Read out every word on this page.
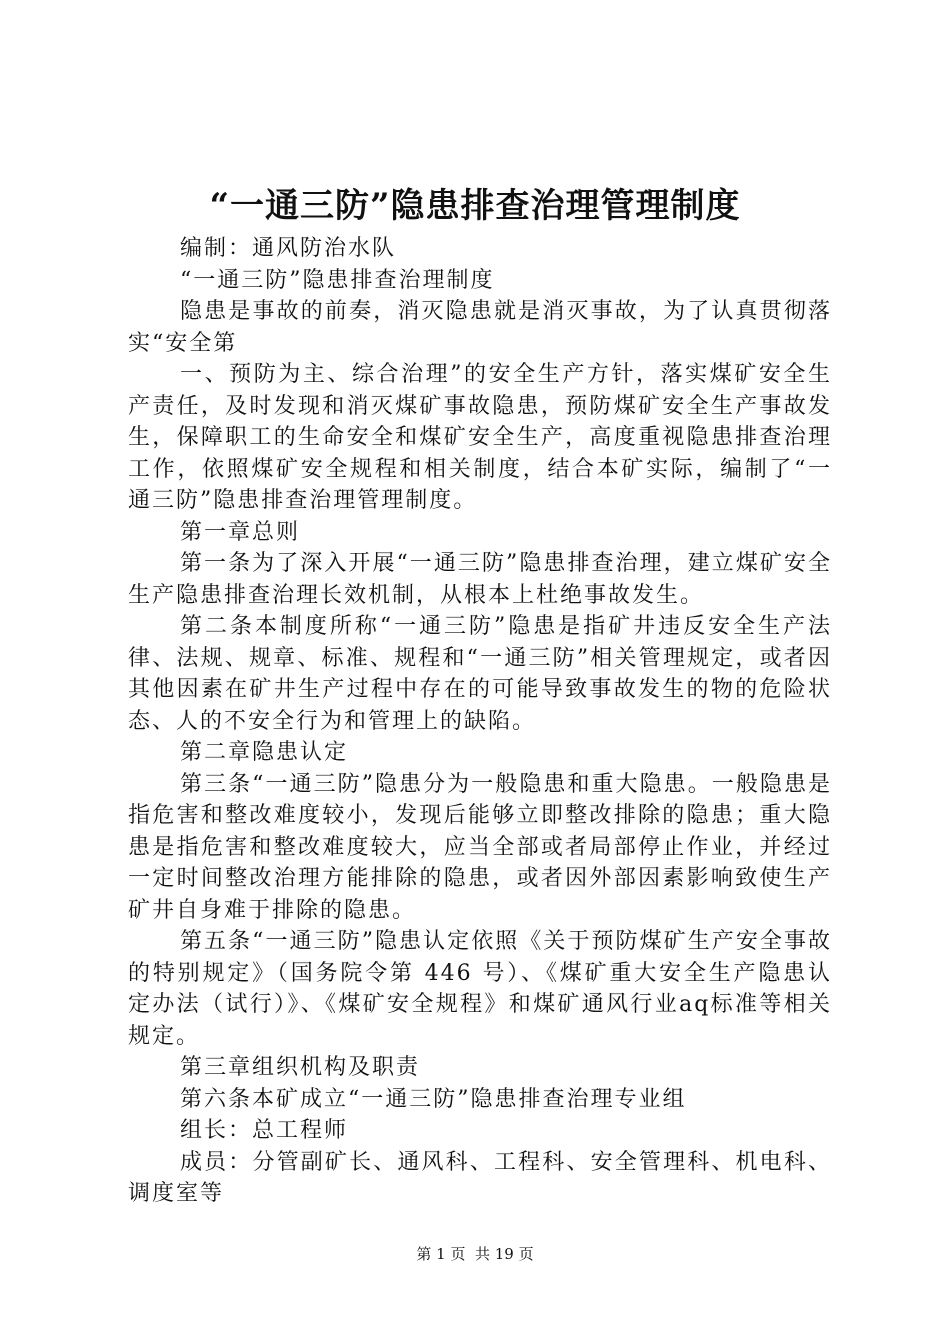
“一通三防”隐患排查治理管理制度

编制：通风防治水队

“一通三防”隐患排查治理制度

隐患是事故的前奏，消灭隐患就是消灭事故，为了认真贯彻落实“安全第

一、预防为主、综合治理”的安全生产方针，落实煤矿安全生产责任，及时发现和消灭煤矿事故隐患，预防煤矿安全生产事故发生，保障职工的生命安全和煤矿安全生产，高度重视隐患排查治理工作，依照煤矿安全规程和相关制度，结合本矿实际，编制了“一通三防”隐患排查治理管理制度。

第一章总则

第一条为了深入开展“一通三防”隐患排查治理，建立煤矿安全生产隐患排查治理长效机制，从根本上杜绝事故发生。

第二条本制度所称“一通三防”隐患是指矿井违反安全生产法律、法规、规章、标准、规程和“一通三防”相关管理规定，或者因其他因素在矿井生产过程中存在的可能导致事故发生的物的危险状态、人的不安全行为和管理上的缺陷。

第二章隐患认定

第三条“一通三防”隐患分为一般隐患和重大隐患。一般隐患是指危害和整改难度较小，发现后能够立即整改排除的隐患；重大隐患是指危害和整改难度较大，应当全部或者局部停止作业，并经过一定时间整改治理方能排除的隐患，或者因外部因素影响致使生产矿井自身难于排除的隐患。

第五条“一通三防”隐患认定依照《关于预防煤矿生产安全事故的特别规定》（国务院令第 446 号）、《煤矿重大安全生产隐患认定办法（试行）》、《煤矿安全规程》和煤矿通风行业aq标准等相关规定。

第三章组织机构及职责

第六条本矿成立“一通三防”隐患排查治理专业组

组长：总工程师

成员：分管副矿长、通风科、工程科、安全管理科、机电科、调度室等

第 1 页 共 19 页
